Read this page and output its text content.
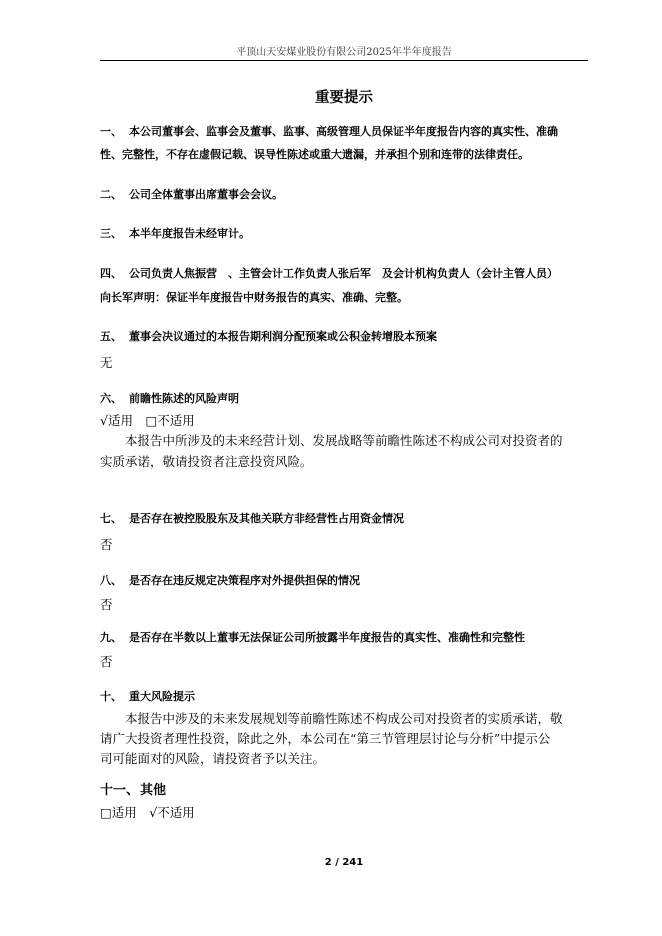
平顶山天安煤业股份有限公司2025年半年度报告
重要提示
一、 本公司董事会、监事会及董事、监事、高级管理人员保证半年度报告内容的真实性、准确
性、完整性，不存在虚假记载、误导性陈述或重大遗漏，并承担个别和连带的法律责任。
二、 公司全体董事出席董事会会议。
三、 本半年度报告未经审计。
四、 公司负责人焦振营　、主管会计工作负责人张后军　及会计机构负责人（会计主管人员）
向长军声明：保证半年度报告中财务报告的真实、准确、完整。
五、 董事会决议通过的本报告期利润分配预案或公积金转增股本预案
无
六、 前瞻性陈述的风险声明
√适用　□不适用
本报告中所涉及的未来经营计划、发展战略等前瞻性陈述不构成公司对投资者的
实质承诺，敬请投资者注意投资风险。
七、 是否存在被控股股东及其他关联方非经营性占用资金情况
否
八、 是否存在违反规定决策程序对外提供担保的情况
否
九、 是否存在半数以上董事无法保证公司所披露半年度报告的真实性、准确性和完整性
否
十、 重大风险提示
本报告中涉及的未来发展规划等前瞻性陈述不构成公司对投资者的实质承诺，敬
请广大投资者理性投资，除此之外，本公司在“第三节管理层讨论与分析”中提示公
司可能面对的风险，请投资者予以关注。
十一、其他
□适用　√不适用
2 / 241
